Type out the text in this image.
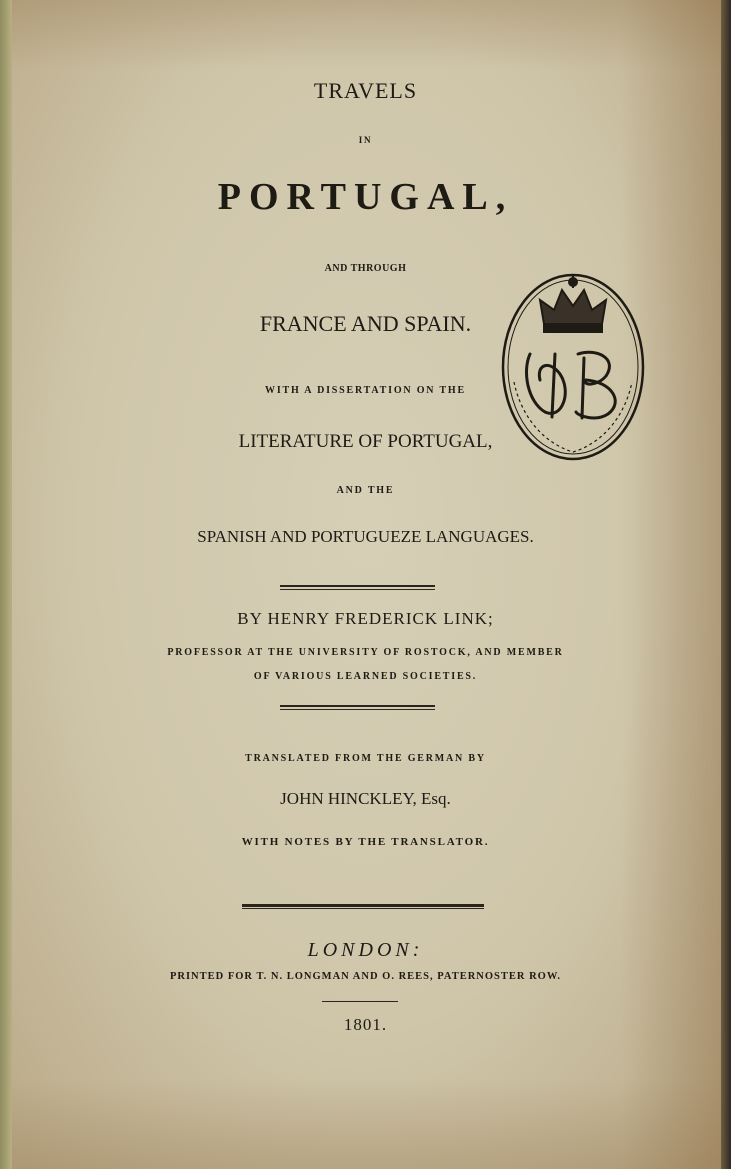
TRAVELS
IN
PORTUGAL,
AND THROUGH
FRANCE AND SPAIN.
WITH A DISSERTATION ON THE
LITERATURE OF PORTUGAL,
AND THE
SPANISH AND PORTUGUEZE LANGUAGES.
BY HENRY FREDERICK LINK;
PROFESSOR AT THE UNIVERSITY OF ROSTOCK, AND MEMBER
OF VARIOUS LEARNED SOCIETIES.
TRANSLATED FROM THE GERMAN BY
JOHN HINCKLEY, Esq.
WITH NOTES BY THE TRANSLATOR.
LONDON:
PRINTED FOR T. N. LONGMAN AND O. REES, PATERNOSTER ROW.
1801.
